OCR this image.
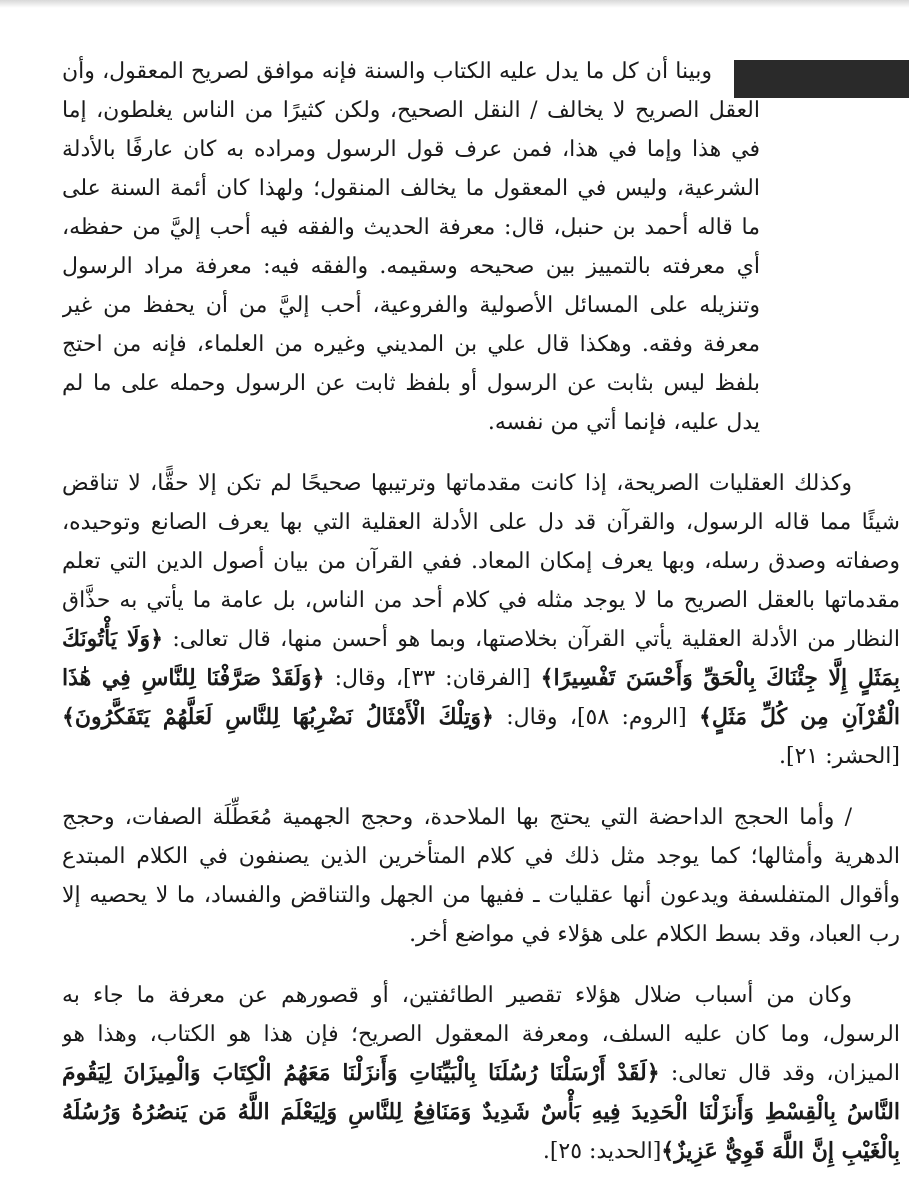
وبينا أن كل ما يدل عليه الكتاب والسنة فإنه موافق لصريح المعقول، وأن العقل الصريح لا يخالف / النقل الصحيح، ولكن كثيرًا من الناس يغلطون، إما في هذا وإما في هذا، فمن عرف قول الرسول ومراده به كان عارفًا بالأدلة الشرعية، وليس في المعقول ما يخالف المنقول؛ ولهذا كان أئمة السنة على ما قاله أحمد بن حنبل، قال: معرفة الحديث والفقه فيه أحب إليَّ من حفظه، أي معرفته بالتمييز بين صحيحه وسقيمه. والفقه فيه: معرفة مراد الرسول وتنزيله على المسائل الأصولية والفروعية، أحب إليَّ من أن يحفظ من غير معرفة وفقه. وهكذا قال علي بن المديني وغيره من العلماء، فإنه من احتج بلفظ ليس بثابت عن الرسول أو بلفظ ثابت عن الرسول وحمله على ما لم يدل عليه، فإنما أتي من نفسه.

وكذلك العقليات الصريحة، إذا كانت مقدماتها وترتيبها صحيحًا لم تكن إلا حقًّا، لا تناقض شيئًا مما قاله الرسول، والقرآن قد دل على الأدلة العقلية التي بها يعرف الصانع وتوحيده، وصفاته وصدق رسله، وبها يعرف إمكان المعاد. ففي القرآن من بيان أصول الدين التي تعلم مقدماتها بالعقل الصريح ما لا يوجد مثله في كلام أحد من الناس، بل عامة ما يأتي به حذَّاق النظار من الأدلة العقلية يأتي القرآن بخلاصتها، وبما هو أحسن منها، قال تعالى: ﴿وَلَا يَأْتُونَكَ بِمَثَلٍ إِلَّا جِئْنَاكَ بِالْحَقِّ وَأَحْسَنَ تَفْسِيرًا﴾ [الفرقان: ٣٣]، وقال: ﴿وَلَقَدْ صَرَّفْنَا لِلنَّاسِ فِي هَٰذَا الْقُرْآنِ مِن كُلِّ مَثَلٍ﴾ [الروم: ٥٨]، وقال: ﴿وَتِلْكَ الْأَمْثَالُ نَضْرِبُهَا لِلنَّاسِ لَعَلَّهُمْ يَتَفَكَّرُونَ﴾ [الحشر: ٢١].

/ وأما الحجج الداحضة التي يحتج بها الملاحدة، وحجج الجهمية مُعَطِّلَة الصفات، وحجج الدهرية وأمثالها؛ كما يوجد مثل ذلك في كلام المتأخرين الذين يصنفون في الكلام المبتدع وأقوال المتفلسفة ويدعون أنها عقليات ـ ففيها من الجهل والتناقض والفساد، ما لا يحصيه إلا رب العباد، وقد بسط الكلام على هؤلاء في مواضع أخر.

وكان من أسباب ضلال هؤلاء تقصير الطائفتين، أو قصورهم عن معرفة ما جاء به الرسول، وما كان عليه السلف، ومعرفة المعقول الصريح؛ فإن هذا هو الكتاب، وهذا هو الميزان، وقد قال تعالى: ﴿لَقَدْ أَرْسَلْنَا رُسُلَنَا بِالْبَيِّنَاتِ وَأَنزَلْنَا مَعَهُمُ الْكِتَابَ وَالْمِيزَانَ لِيَقُومَ النَّاسُ بِالْقِسْطِ وَأَنزَلْنَا الْحَدِيدَ فِيهِ بَأْسٌ شَدِيدٌ وَمَنَافِعُ لِلنَّاسِ وَلِيَعْلَمَ اللَّهُ مَن يَنصُرُهُ وَرُسُلَهُ بِالْغَيْبِ إِنَّ اللَّهَ قَوِيٌّ عَزِيزٌ﴾[الحديد: ٢٥].
